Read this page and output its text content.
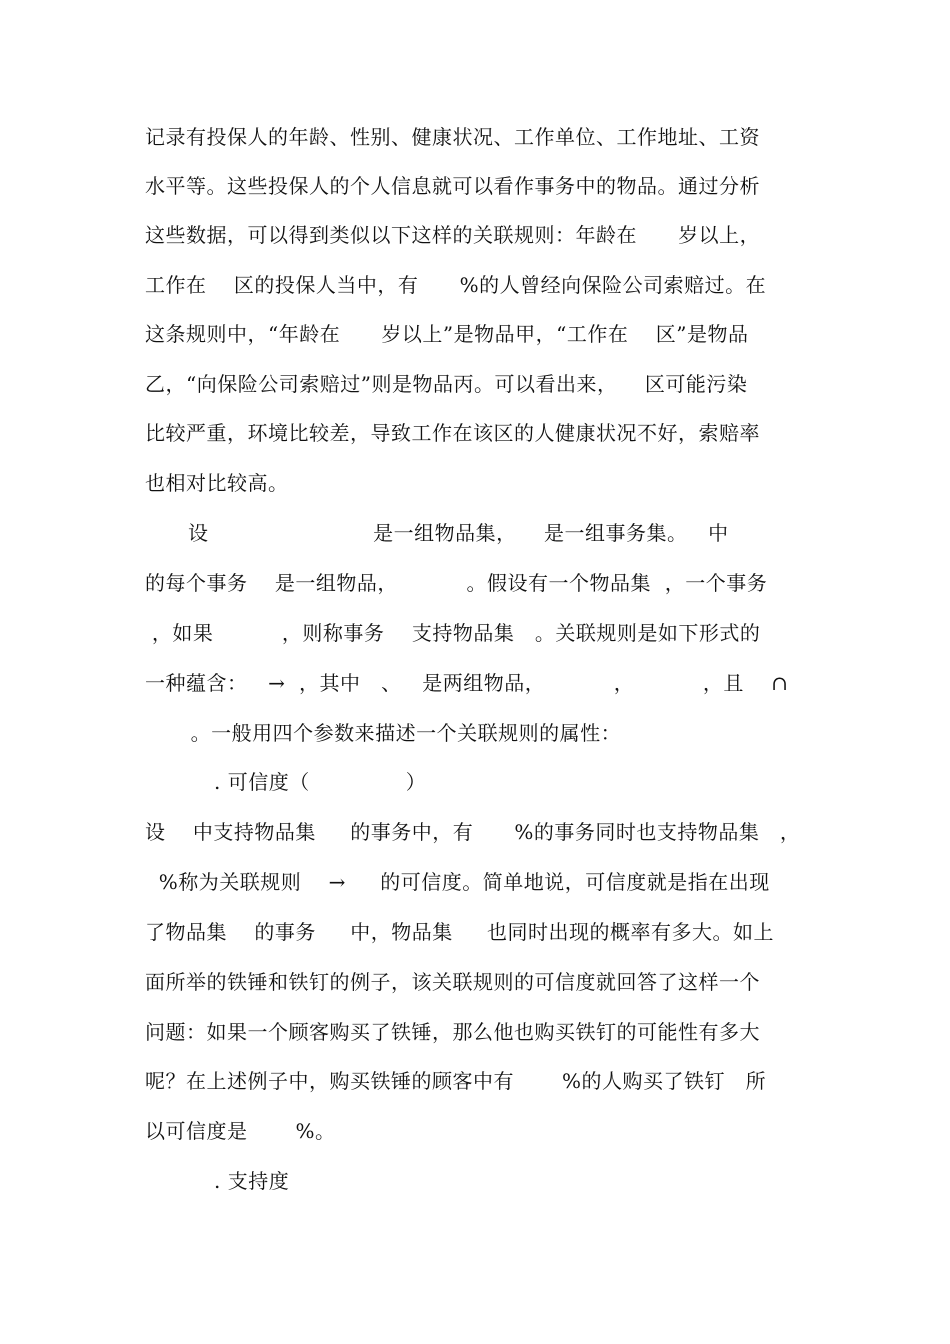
记录有投保人的年龄、性别、健康状况、工作单位、工作地址、工资
水平等。这些投保人的个人信息就可以看作事务中的物品。通过分析
这些数据，可以得到类似以下这样的关联规则：年龄在      岁以上，
工作在    区的投保人当中，有      %的人曾经向保险公司索赔过。在
这条规则中，“年龄在      岁以上”是物品甲，“工作在    区”是物品
乙，“向保险公司索赔过”则是物品丙。可以看出来，    区可能污染
比较严重，环境比较差，导致工作在该区的人健康状况不好，索赔率
也相对比较高。
设                        是一组物品集，    是一组事务集。   中
的每个事务    是一组物品，          。假设有一个物品集  ，一个事务
，如果          ，则称事务    支持物品集   。关联规则是如下形式的
一种蕴含：   →  ，其中   、   是两组物品，          ，          ，且    ∩
。一般用四个参数来描述一个关联规则的属性：
. 可信度（              ）
设    中支持物品集     的事务中，有      %的事务同时也支持物品集   ，
%称为关联规则    →     的可信度。简单地说，可信度就是指在出现
了物品集    的事务     中，物品集     也同时出现的概率有多大。如上
面所举的铁锤和铁钉的例子，该关联规则的可信度就回答了这样一个
问题：如果一个顾客购买了铁锤，那么他也购买铁钉的可能性有多大
呢？在上述例子中，购买铁锤的顾客中有       %的人购买了铁钉   所
以可信度是       %。
. 支持度
